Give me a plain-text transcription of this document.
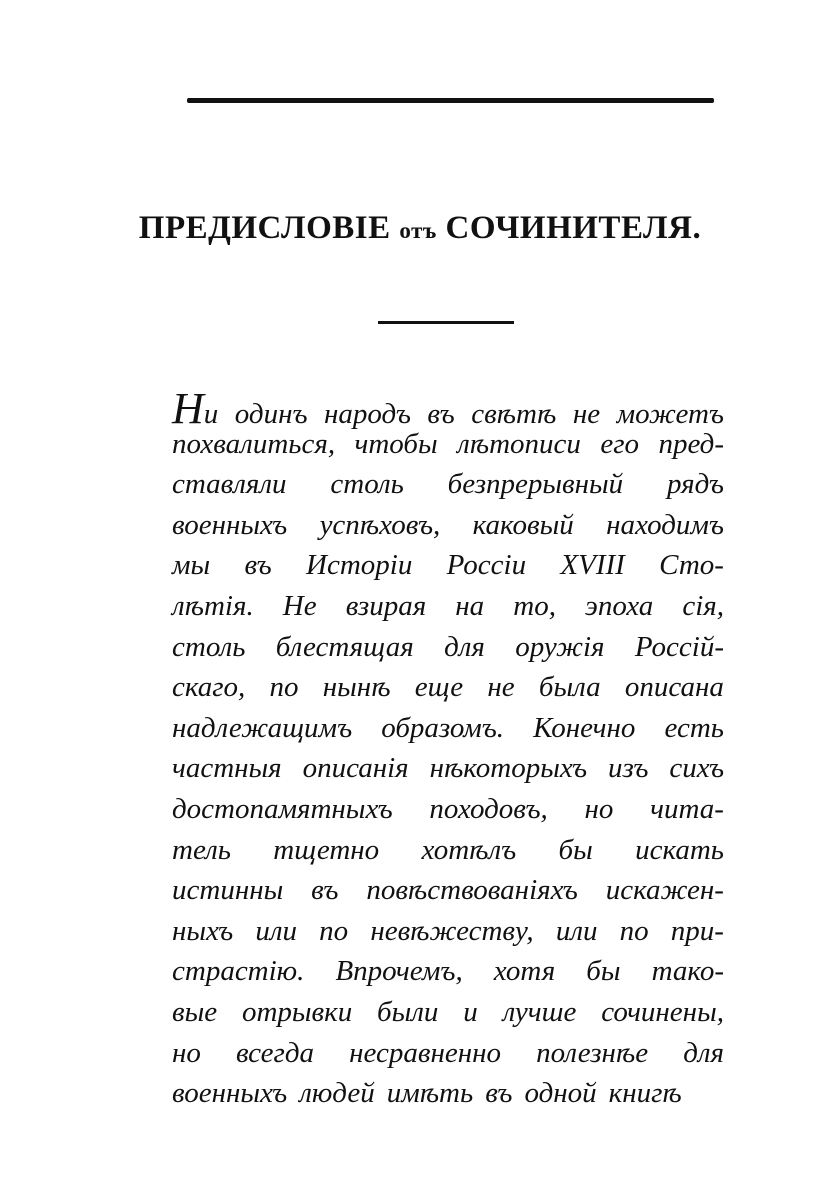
ПРЕДИСЛОВІЕ отъ СОЧИНИТЕЛЯ.
Ни одинъ народъ въ свѣтѣ не можетъ
похвалиться, чтобы лѣтописи его пред-
ставляли столь безпрерывный рядъ
военныхъ успѣховъ, каковый находимъ
мы въ Исторіи Россіи XVIII Сто-
лѣтія. Не взирая на то, эпоха сія,
столь блестящая для оружія Россій-
скаго, по нынѣ еще не была описана
надлежащимъ образомъ. Конечно есть
частныя описанія нѣкоторыхъ изъ сихъ
достопамятныхъ походовъ, но чита-
тель тщетно хотѣлъ бы искать
истинны въ повѣствованіяхъ искажен-
ныхъ или по невѣжеству, или по при-
страстію. Впрочемъ, хотя бы тако-
вые отрывки были и лучше сочинены,
но всегда несравненно полезнѣе для
военныхъ людей имѣть въ одной книгѣ
